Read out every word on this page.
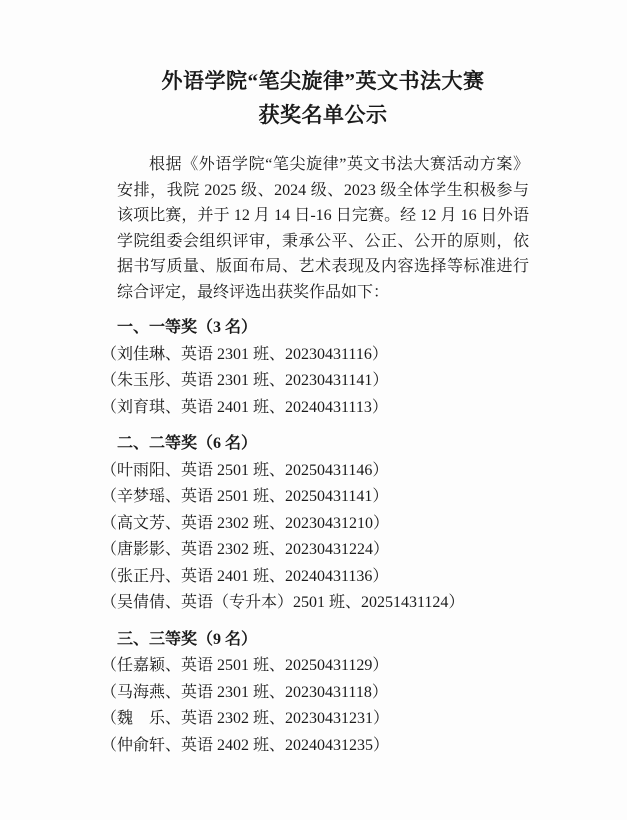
外语学院“笔尖旋律”英文书法大赛
获奖名单公示

根据《外语学院“笔尖旋律”英文书法大赛活动方案》安排，我院 2025 级、2024 级、2023 级全体学生积极参与该项比赛，并于 12 月 14 日-16 日完赛。经 12 月 16 日外语学院组委会组织评审，秉承公平、公正、公开的原则，依据书写质量、版面布局、艺术表现及内容选择等标准进行综合评定，最终评选出获奖作品如下：

一、一等奖（3 名）
（刘佳琳、英语 2301 班、20230431116）
（朱玉彤、英语 2301 班、20230431141）
（刘育琪、英语 2401 班、20240431113）
二、二等奖（6 名）
（叶雨阳、英语 2501 班、20250431146）
（辛梦瑶、英语 2501 班、20250431141）
（高文芳、英语 2302 班、20230431210）
（唐影影、英语 2302 班、20230431224）
（张正丹、英语 2401 班、20240431136）
（吴倩倩、英语（专升本）2501 班、20251431124）
三、三等奖（9 名）
（任嘉颖、英语 2501 班、20250431129）
（马海燕、英语 2301 班、20230431118）
（魏　乐、英语 2302 班、20230431231）
（仲俞轩、英语 2402 班、20240431235）
